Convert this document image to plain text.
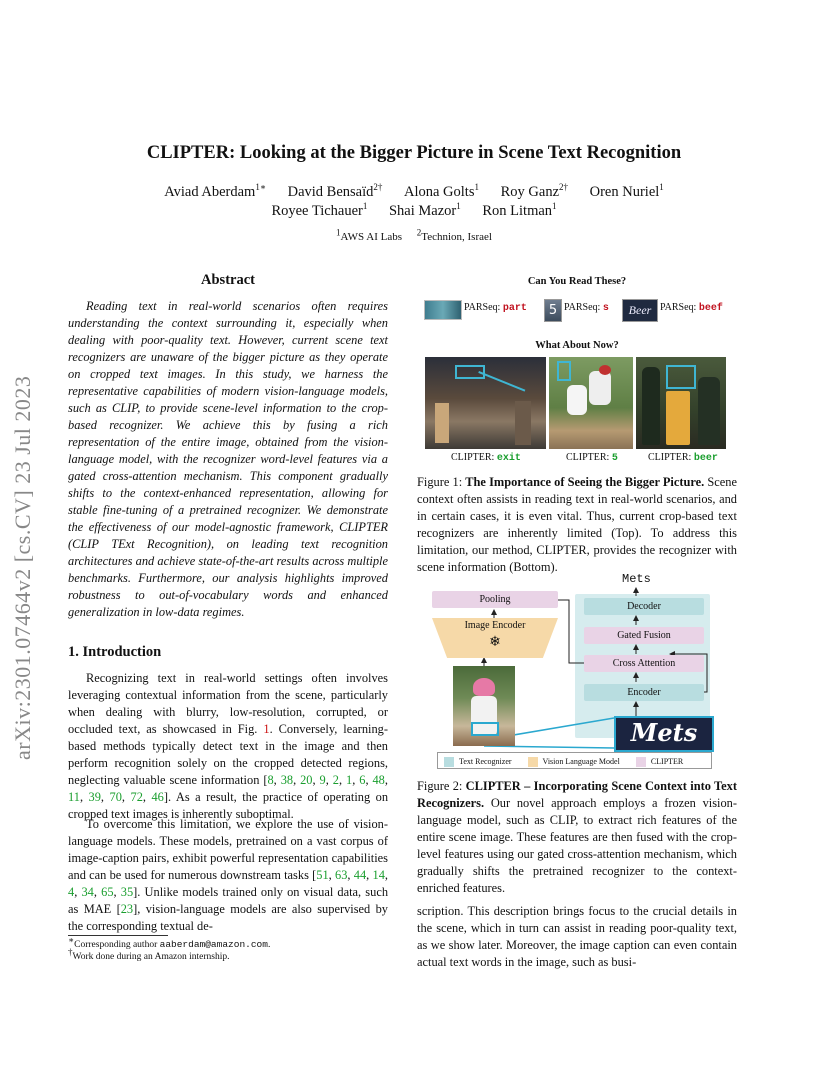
arXiv:2301.07464v2 [cs.CV] 23 Jul 2023
CLIPTER: Looking at the Bigger Picture in Scene Text Recognition
Aviad Aberdam$^{1∗}$ David Bensaïd$^{2\dagger}$ Alona Golts$^1$ Roy Ganz$^{2\dagger}$ Oren Nuriel$^1$
Royee Tichauer$^1$ Shai Mazor$^1$ Ron Litman$^1$
$^1$AWS AI Labs $^2$Technion, Israel
Abstract
Reading text in real-world scenarios often requires understanding the context surrounding it, especially when dealing with poor-quality text. However, current scene text recognizers are unaware of the bigger picture as they operate on cropped text images. In this study, we harness the representative capabilities of modern vision-language models, such as CLIP, to provide scene-level information to the crop-based recognizer. We achieve this by fusing a rich representation of the entire image, obtained from the vision-language model, with the recognizer word-level features via a gated cross-attention mechanism. This component gradually shifts to the context-enhanced representation, allowing for stable fine-tuning of a pretrained recognizer. We demonstrate the effectiveness of our model-agnostic framework, CLIPTER (CLIP TExt Recognition), on leading text recognition architectures and achieve state-of-the-art results across multiple benchmarks. Furthermore, our analysis highlights improved robustness to out-of-vocabulary words and enhanced generalization in low-data regimes.
1. Introduction
Recognizing text in real-world settings often involves leveraging contextual information from the scene, particularly when dealing with blurry, low-resolution, corrupted, or occluded text, as showcased in Fig. 1. Conversely, learning-based methods typically detect text in the image and then perform recognition solely on the cropped detected regions, neglecting valuable scene information [8, 38, 20, 9, 2, 1, 6, 48, 11, 39, 70, 72, 46]. As a result, the practice of operating on cropped text images is inherently suboptimal.
To overcome this limitation, we explore the use of vision-language models. These models, pretrained on a vast corpus of image-caption pairs, exhibit powerful representation capabilities and can be used for numerous downstream tasks [51, 63, 44, 14, 4, 34, 65, 35]. Unlike models trained only on visual data, such as MAE [23], vision-language models are also supervised by the corresponding textual de-
∗Corresponding author aaberdam@amazon.com.
†Work done during an Amazon internship.
Can You Read These?
PARSeq: part	5 PARSeq: s	Beer PARSeq: beef
What About Now?
CLIPTER: exit	CLIPTER: 5	CLIPTER: beer
Figure 1: The Importance of Seeing the Bigger Picture. Scene context often assists in reading text in real-world scenarios, and in certain cases, it is even vital. Thus, current crop-based text recognizers are inherently limited (Top). To address this limitation, our method, CLIPTER, provides the recognizer with scene information (Bottom).
Mets
Pooling
Image Encoder
❄
Decoder
Gated Fusion
Cross Attention
Encoder
Mets
Text Recognizer	Vision Language Model	CLIPTER
Figure 2: CLIPTER – Incorporating Scene Context into Text Recognizers. Our novel approach employs a frozen vision-language model, such as CLIP, to extract rich features of the entire scene image. These features are then fused with the crop-level features using our gated cross-attention mechanism, which gradually shifts the pretrained recognizer to the context-enriched features.
scription. This description brings focus to the crucial details in the scene, which in turn can assist in reading poor-quality text, as we show later. Moreover, the image caption can even contain actual text words in the image, such as busi-
